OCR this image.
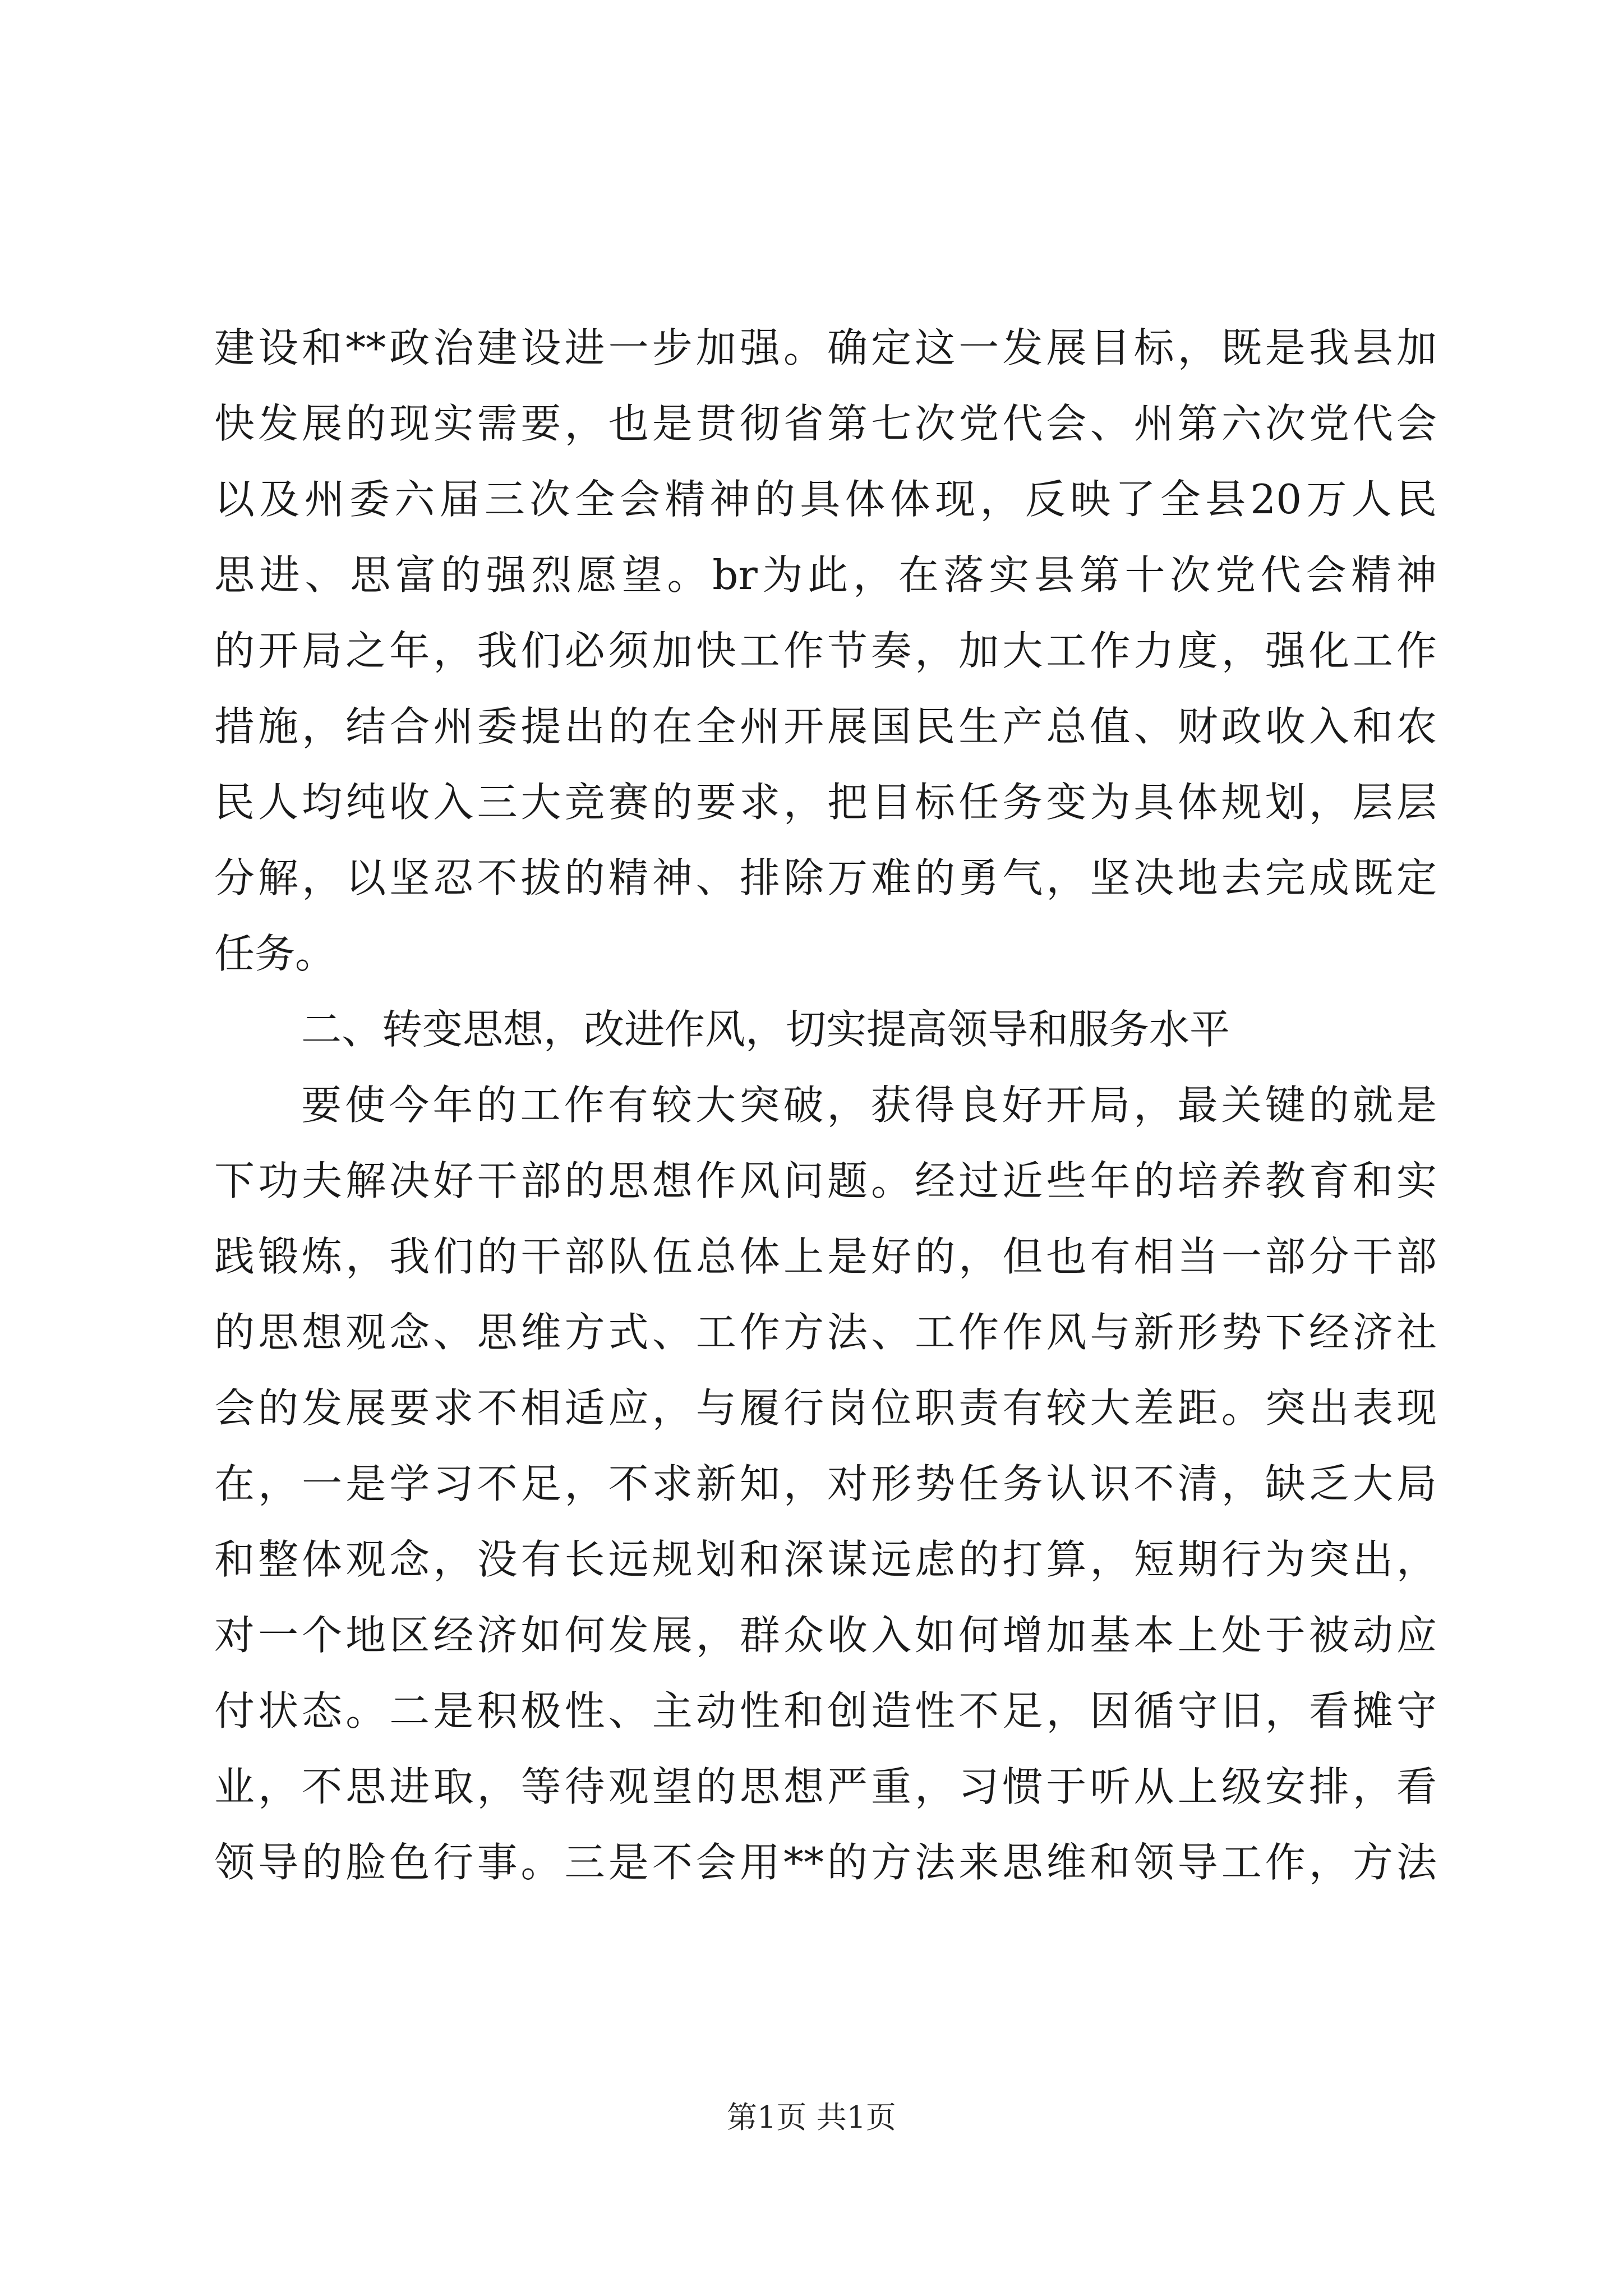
建设和**政治建设进一步加强。确定这一发展目标，既是我县加
快发展的现实需要，也是贯彻省第七次党代会、州第六次党代会
以及州委六届三次全会精神的具体体现，反映了全县20万人民
思进、思富的强烈愿望。br为此，在落实县第十次党代会精神
的开局之年，我们必须加快工作节奏，加大工作力度，强化工作
措施，结合州委提出的在全州开展国民生产总值、财政收入和农
民人均纯收入三大竞赛的要求，把目标任务变为具体规划，层层
分解，以坚忍不拔的精神、排除万难的勇气，坚决地去完成既定
任务。
二、转变思想，改进作风，切实提高领导和服务水平
要使今年的工作有较大突破，获得良好开局，最关键的就是
下功夫解决好干部的思想作风问题。经过近些年的培养教育和实
践锻炼，我们的干部队伍总体上是好的，但也有相当一部分干部
的思想观念、思维方式、工作方法、工作作风与新形势下经济社
会的发展要求不相适应，与履行岗位职责有较大差距。突出表现
在，一是学习不足，不求新知，对形势任务认识不清，缺乏大局
和整体观念，没有长远规划和深谋远虑的打算，短期行为突出，
对一个地区经济如何发展，群众收入如何增加基本上处于被动应
付状态。二是积极性、主动性和创造性不足，因循守旧，看摊守
业，不思进取，等待观望的思想严重，习惯于听从上级安排，看
领导的脸色行事。三是不会用**的方法来思维和领导工作，方法
第1页 共1页
